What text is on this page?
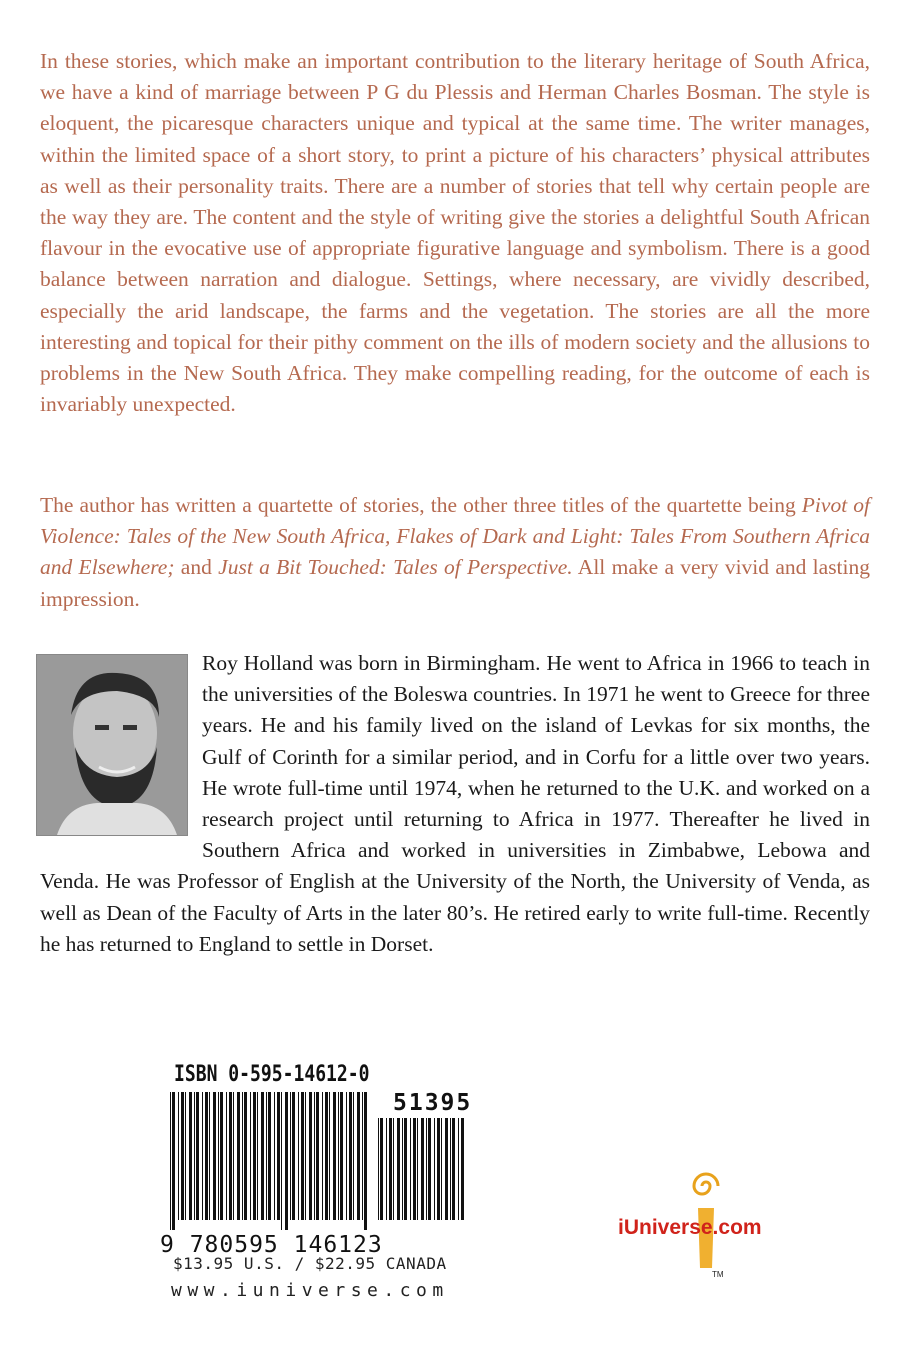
In these stories, which make an important contribution to the literary heritage of South Africa, we have a kind of marriage between P G du Plessis and Herman Charles Bosman. The style is eloquent, the picaresque characters unique and typical at the same time. The writer manages, within the limited space of a short story, to print a picture of his characters’ physical attributes as well as their personality traits. There are a number of stories that tell why certain people are the way they are. The content and the style of writing give the stories a delightful South African flavour in the evocative use of appropriate figurative language and symbolism. There is a good balance between narration and dialogue. Settings, where necessary, are vividly described, especially the arid landscape, the farms and the vegetation. The stories are all the more interesting and topical for their pithy comment on the ills of modern society and the allusions to problems in the New South Africa. They make compelling reading, for the outcome of each is invariably unexpected.

The author has written a quartette of stories, the other three titles of the quartette being Pivot of Violence: Tales of the New South Africa, Flakes of Dark and Light: Tales From Southern Africa and Elsewhere; and Just a Bit Touched: Tales of Perspective. All make a very vivid and lasting impression.

Roy Holland was born in Birmingham. He went to Africa in 1966 to teach in the universities of the Boleswa countries. In 1971 he went to Greece for three years. He and his family lived on the island of Levkas for six months, the Gulf of Corinth for a similar period, and in Corfu for a little over two years. He wrote full-time until 1974, when he returned to the U.K. and worked on a research project until returning to Africa in 1977. Thereafter he lived in Southern Africa and worked in universities in Zimbabwe, Lebowa and Venda. He was Professor of English at the University of the North, the University of Venda, as well as Dean of the Faculty of Arts in the later 80’s. He retired early to write full-time. Recently he has returned to England to settle in Dorset.
ISBN 0-595-14612-0
51395
9 780595 146123
$13.95 U.S. / $22.95 CANADA
www.iuniverse.com
iUniverse.com
TM
